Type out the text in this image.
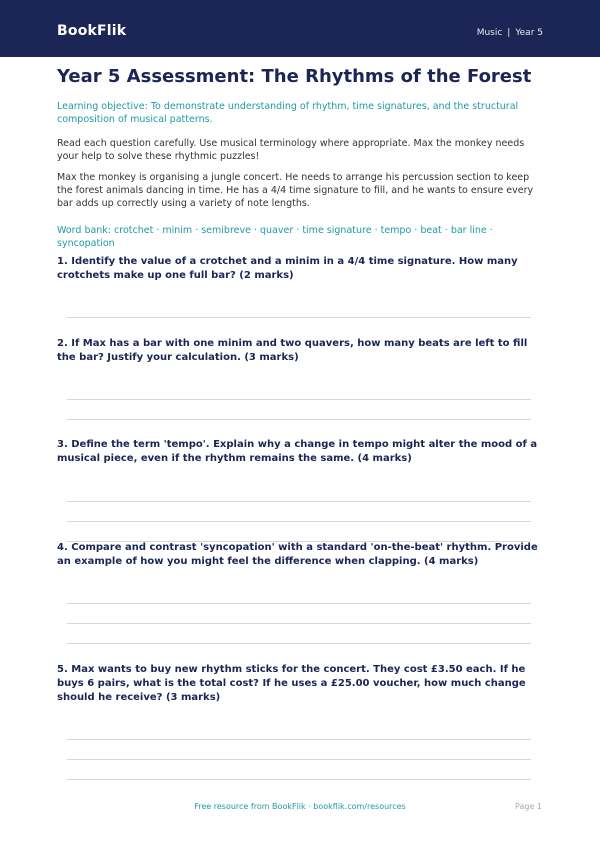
BookFlik	Music | Year 5
Year 5 Assessment: The Rhythms of the Forest
Learning objective: To demonstrate understanding of rhythm, time signatures, and the structural composition of musical patterns.
Read each question carefully. Use musical terminology where appropriate. Max the monkey needs your help to solve these rhythmic puzzles!
Max the monkey is organising a jungle concert. He needs to arrange his percussion section to keep the forest animals dancing in time. He has a 4/4 time signature to fill, and he wants to ensure every bar adds up correctly using a variety of note lengths.
Word bank: crotchet · minim · semibreve · quaver · time signature · tempo · beat · bar line · syncopation
1. Identify the value of a crotchet and a minim in a 4/4 time signature. How many crotchets make up one full bar? (2 marks)
2. If Max has a bar with one minim and two quavers, how many beats are left to fill the bar? Justify your calculation. (3 marks)
3. Define the term 'tempo'. Explain why a change in tempo might alter the mood of a musical piece, even if the rhythm remains the same. (4 marks)
4. Compare and contrast 'syncopation' with a standard 'on-the-beat' rhythm. Provide an example of how you might feel the difference when clapping. (4 marks)
5. Max wants to buy new rhythm sticks for the concert. They cost £3.50 each. If he buys 6 pairs, what is the total cost? If he uses a £25.00 voucher, how much change should he receive? (3 marks)
Free resource from BookFlik · bookflik.com/resources	Page 1
